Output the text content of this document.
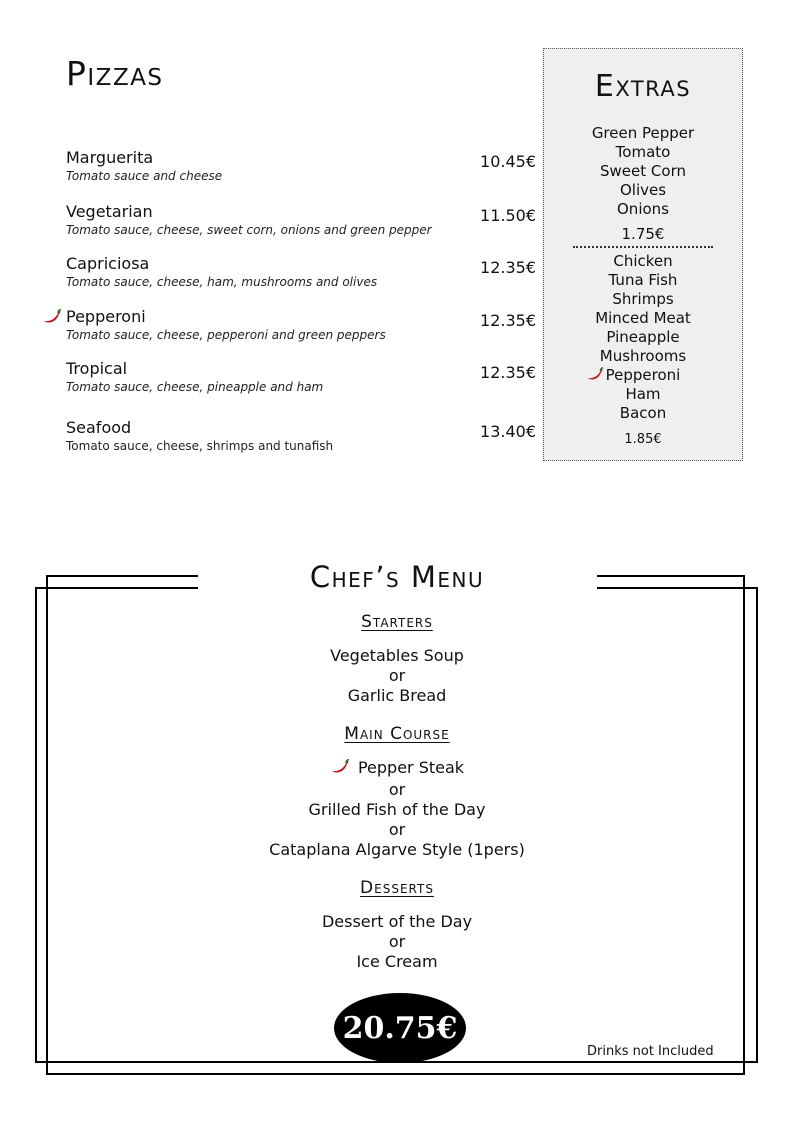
Pizzas
Marguerita
Tomato sauce and cheese
10.45€
Vegetarian
Tomato sauce, cheese, sweet corn, onions and green pepper
11.50€
Capriciosa
Tomato sauce, cheese, ham, mushrooms and olives
12.35€
Pepperoni
Tomato sauce, cheese, pepperoni and green peppers
12.35€
Tropical
Tomato sauce, cheese, pineapple and ham
12.35€
Seafood
Tomato sauce, cheese, shrimps and tunafish
13.40€
Extras
Green Pepper
Tomato
Sweet Corn
Olives
Onions
1.75€
Chicken
Tuna Fish
Shrimps
Minced Meat
Pineapple
Mushrooms
Pepperoni
Ham
Bacon
1.85€
Chef’s Menu
Starters
Vegetables Soup
or
Garlic Bread
Main Course
Pepper Steak
or
Grilled Fish of the Day
or
Cataplana Algarve Style (1pers)
Desserts
Dessert of the Day
or
Ice Cream
20.75€
Drinks not Included
